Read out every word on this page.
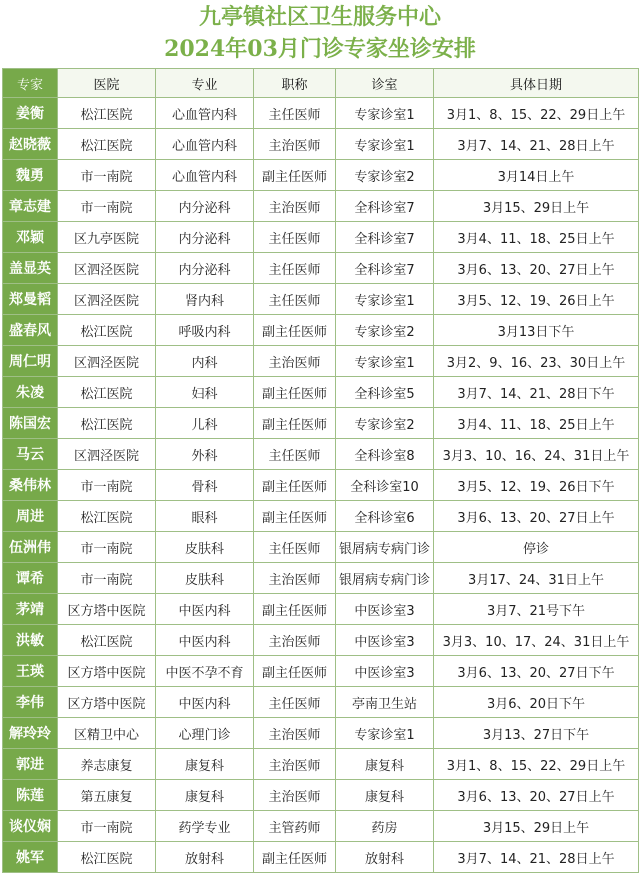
九亭镇社区卫生服务中心
2024年03月门诊专家坐诊安排
专家	医院	专业	职称	诊室	具体日期
姜衡	松江医院	心血管内科	主任医师	专家诊室1	3月1、8、15、22、29日上午
赵晓薇	松江医院	心血管内科	主治医师	专家诊室1	3月7、14、21、28日上午
魏勇	市一南院	心血管内科	副主任医师	专家诊室2	3月14日上午
章志建	市一南院	内分泌科	主治医师	全科诊室7	3月15、29日上午
邓颖	区九亭医院	内分泌科	主任医师	全科诊室7	3月4、11、18、25日上午
盖显英	区泗泾医院	内分泌科	主任医师	全科诊室7	3月6、13、20、27日上午
郑曼韬	区泗泾医院	肾内科	主任医师	专家诊室1	3月5、12、19、26日上午
盛春风	松江医院	呼吸内科	副主任医师	专家诊室2	3月13日下午
周仁明	区泗泾医院	内科	主治医师	专家诊室1	3月2、9、16、23、30日上午
朱凌	松江医院	妇科	副主任医师	全科诊室5	3月7、14、21、28日下午
陈国宏	松江医院	儿科	副主任医师	专家诊室2	3月4、11、18、25日上午
马云	区泗泾医院	外科	主任医师	全科诊室8	3月3、10、16、24、31日上午
桑伟林	市一南院	骨科	副主任医师	全科诊室10	3月5、12、19、26日下午
周进	松江医院	眼科	副主任医师	全科诊室6	3月6、13、20、27日上午
伍洲伟	市一南院	皮肤科	主任医师	银屑病专病门诊	停诊
谭希	市一南院	皮肤科	主治医师	银屑病专病门诊	3月17、24、31日上午
茅靖	区方塔中医院	中医内科	副主任医师	中医诊室3	3月7、21号下午
洪敏	松江医院	中医内科	主治医师	中医诊室3	3月3、10、17、24、31日上午
王瑛	区方塔中医院	中医不孕不育	副主任医师	中医诊室3	3月6、13、20、27日下午
李伟	区方塔中医院	中医内科	主任医师	亭南卫生站	3月6、20日下午
解玲玲	区精卫中心	心理门诊	主治医师	专家诊室1	3月13、27日下午
郭进	养志康复	康复科	主治医师	康复科	3月1、8、15、22、29日上午
陈莲	第五康复	康复科	主治医师	康复科	3月6、13、20、27日上午
谈仪娴	市一南院	药学专业	主管药师	药房	3月15、29日上午
姚军	松江医院	放射科	副主任医师	放射科	3月7、14、21、28日上午
